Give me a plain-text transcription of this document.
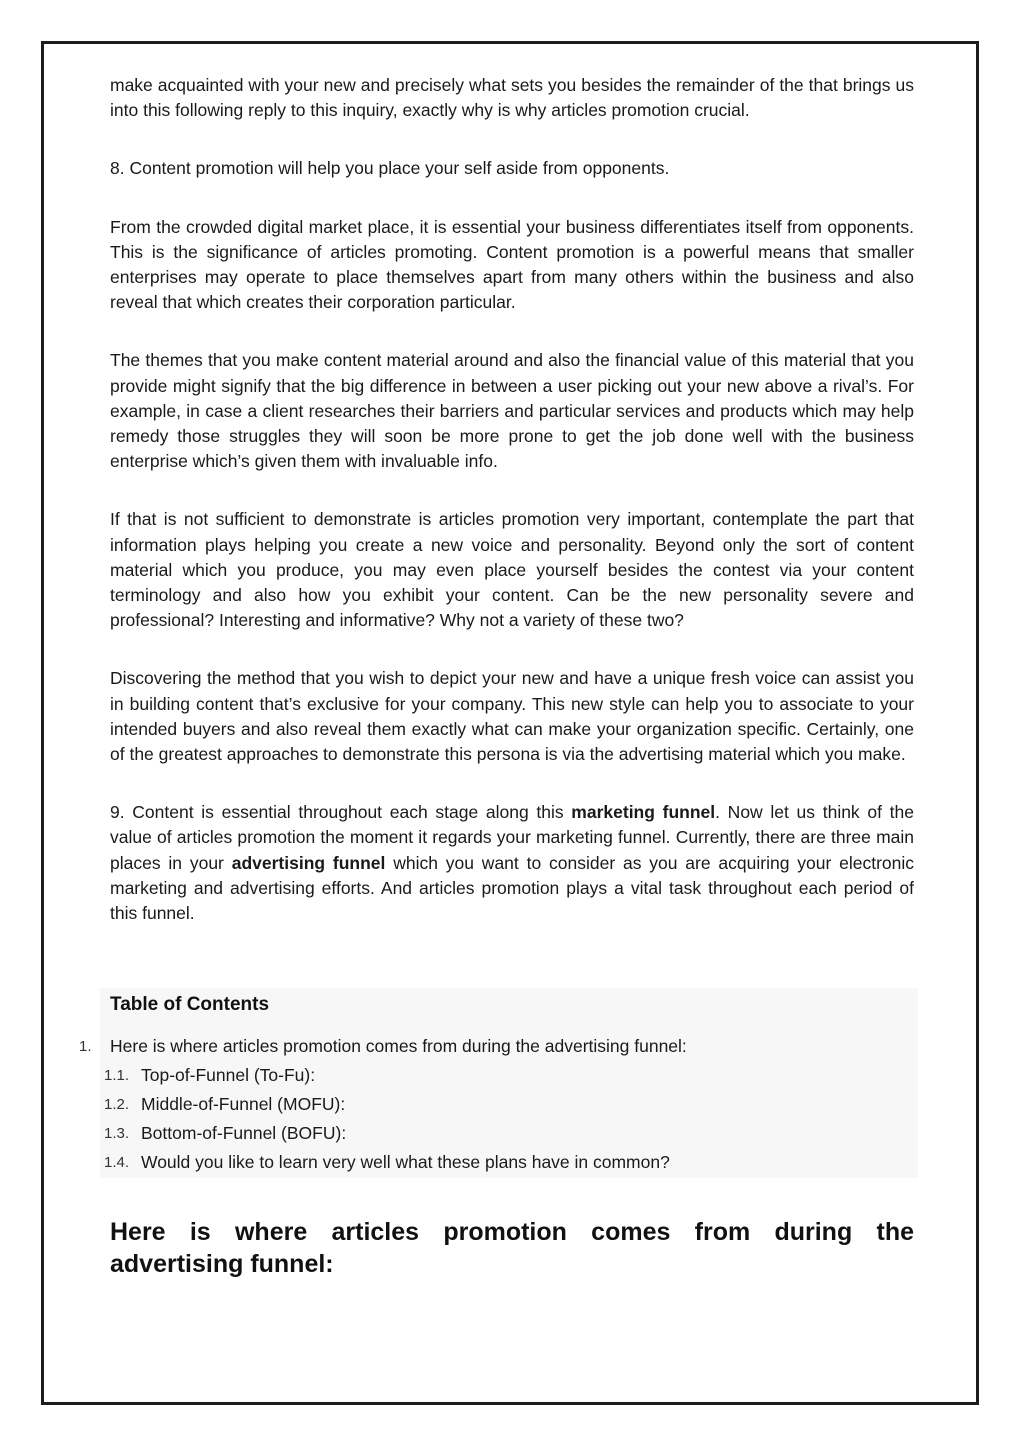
make acquainted with your new and precisely what sets you besides the remainder of the that brings us into this following reply to this inquiry, exactly why is why articles promotion crucial.

8. Content promotion will help you place your self aside from opponents.

From the crowded digital market place, it is essential your business differentiates itself from opponents. This is the significance of articles promoting. Content promotion is a powerful means that smaller enterprises may operate to place themselves apart from many others within the business and also reveal that which creates their corporation particular.

The themes that you make content material around and also the financial value of this material that you provide might signify that the big difference in between a user picking out your new above a rival’s. For example, in case a client researches their barriers and particular services and products which may help remedy those struggles they will soon be more prone to get the job done well with the business enterprise which’s given them with invaluable info.

If that is not sufficient to demonstrate is articles promotion very important, contemplate the part that information plays helping you create a new voice and personality. Beyond only the sort of content material which you produce, you may even place yourself besides the contest via your content terminology and also how you exhibit your content. Can be the new personality severe and professional? Interesting and informative? Why not a variety of these two?

Discovering the method that you wish to depict your new and have a unique fresh voice can assist you in building content that’s exclusive for your company. This new style can help you to associate to your intended buyers and also reveal them exactly what can make your organization specific. Certainly, one of the greatest approaches to demonstrate this persona is via the advertising material which you make.

9. Content is essential throughout each stage along this marketing funnel. Now let us think of the value of articles promotion the moment it regards your marketing funnel. Currently, there are three main places in your advertising funnel which you want to consider as you are acquiring your electronic marketing and advertising efforts. And articles promotion plays a vital task throughout each period of this funnel.

Table of Contents
1. Here is where articles promotion comes from during the advertising funnel:
1.1. Top-of-Funnel (To-Fu):
1.2. Middle-of-Funnel (MOFU):
1.3. Bottom-of-Funnel (BOFU):
1.4. Would you like to learn very well what these plans have in common?
Here is where articles promotion comes from during the advertising funnel:
